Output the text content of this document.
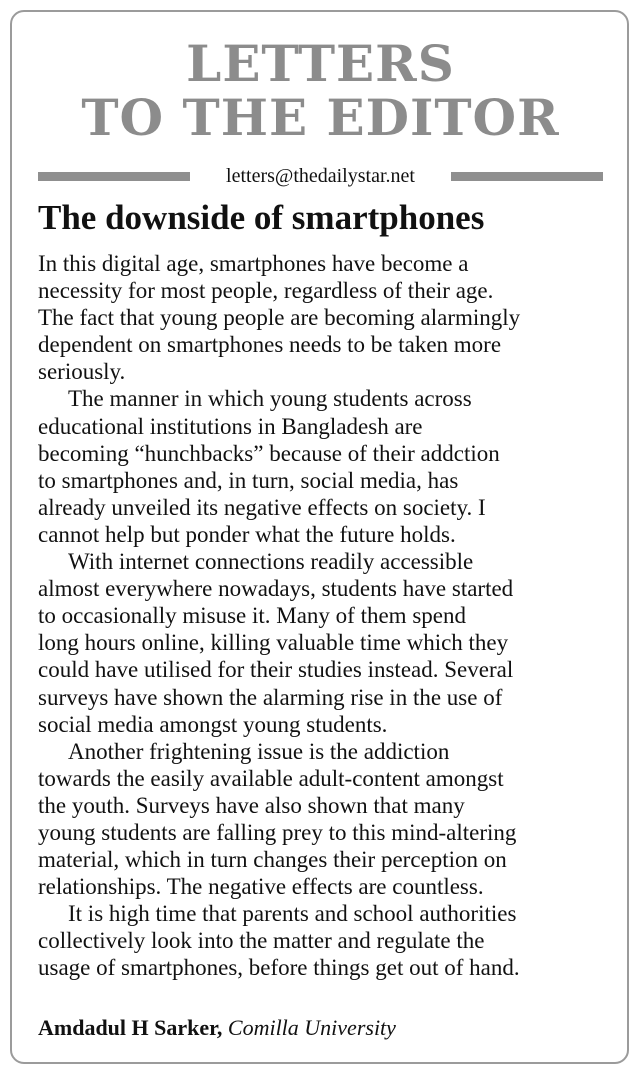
LETTERS
TO THE EDITOR
letters@thedailystar.net
The downside of smartphones
In this digital age, smartphones have become a
necessity for most people, regardless of their age.
The fact that young people are becoming alarmingly
dependent on smartphones needs to be taken more
seriously.
The manner in which young students across
educational institutions in Bangladesh are
becoming “hunchbacks” because of their addction
to smartphones and, in turn, social media, has
already unveiled its negative effects on society. I
cannot help but ponder what the future holds.
With internet connections readily accessible
almost everywhere nowadays, students have started
to occasionally misuse it. Many of them spend
long hours online, killing valuable time which they
could have utilised for their studies instead. Several
surveys have shown the alarming rise in the use of
social media amongst young students.
Another frightening issue is the addiction
towards the easily available adult-content amongst
the youth. Surveys have also shown that many
young students are falling prey to this mind-altering
material, which in turn changes their perception on
relationships. The negative effects are countless.
It is high time that parents and school authorities
collectively look into the matter and regulate the
usage of smartphones, before things get out of hand.
Amdadul H Sarker, Comilla University
